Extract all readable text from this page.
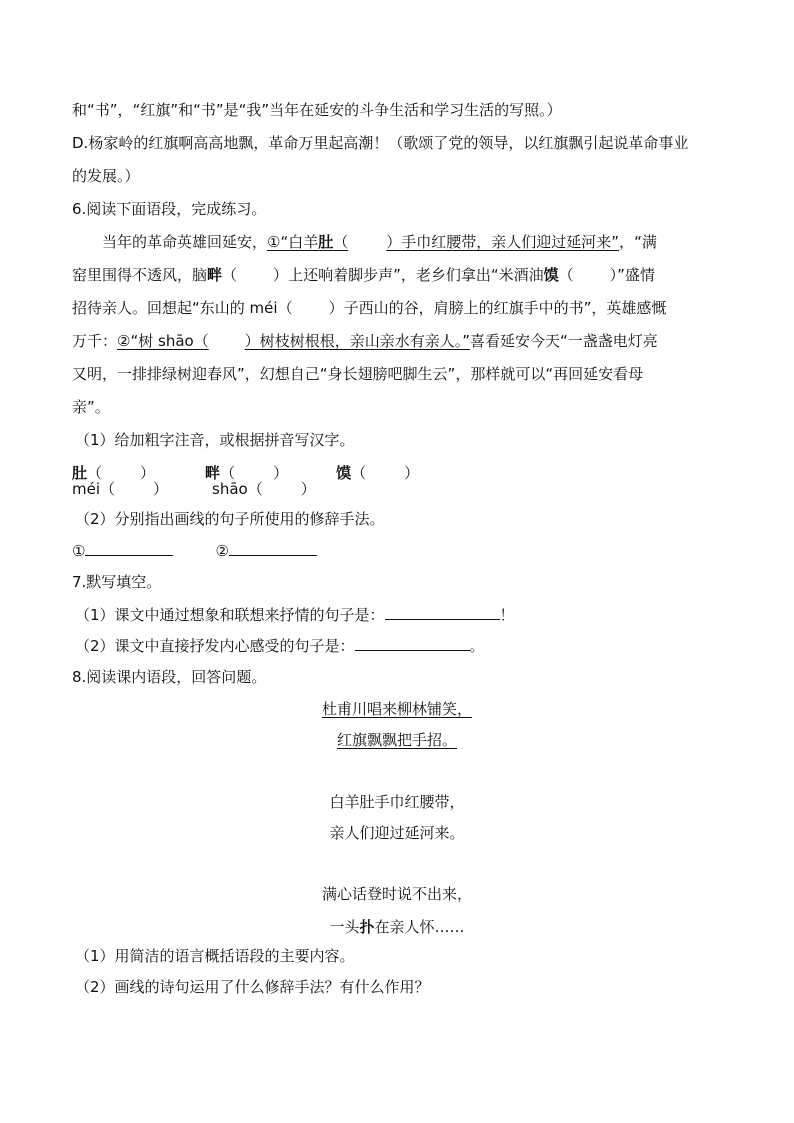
和“书”，“红旗”和“书”是“我”当年在延安的斗争生活和学习生活的写照。）
D.杨家岭的红旗啊高高地飘，革命万里起高潮！（歌颂了党的领导，以红旗飘引起说革命事业
的发展。）
6.阅读下面语段，完成练习。
当年的革命英雄回延安，①“白羊肚（	）手巾红腰带，亲人们迎过延河来”，“满
窑里围得不透风，脑畔（ ）上还响着脚步声”，老乡们拿出“米酒油馍（ ）”盛情
招待亲人。回想起“东山的 méi（ ）子西山的谷，肩膀上的红旗手中的书”，英雄感慨
万千：②“树 shāo（ ）树枝树根根，亲山亲水有亲人。”喜看延安今天“一盏盏电灯亮
又明，一排排绿树迎春风”，幻想自己“身长翅膀吧脚生云”，那样就可以“再回延安看母
亲”。
（1）给加粗字注音，或根据拼音写汉字。
肚（	）	畔（	）	馍（	）
méi（	）	shāo（	）
（2）分别指出画线的句子所使用的修辞手法。
①	②
7.默写填空。
（1）课文中通过想象和联想来抒情的句子是：	！
（2）课文中直接抒发内心感受的句子是：	。
8.阅读课内语段，回答问题。
杜甫川唱来柳林铺笑，
红旗飘飘把手招。
白羊肚手巾红腰带，
亲人们迎过延河来。
满心话登时说不出来，
一头扑在亲人怀……
（1）用简洁的语言概括语段的主要内容。
（2）画线的诗句运用了什么修辞手法？有什么作用？
